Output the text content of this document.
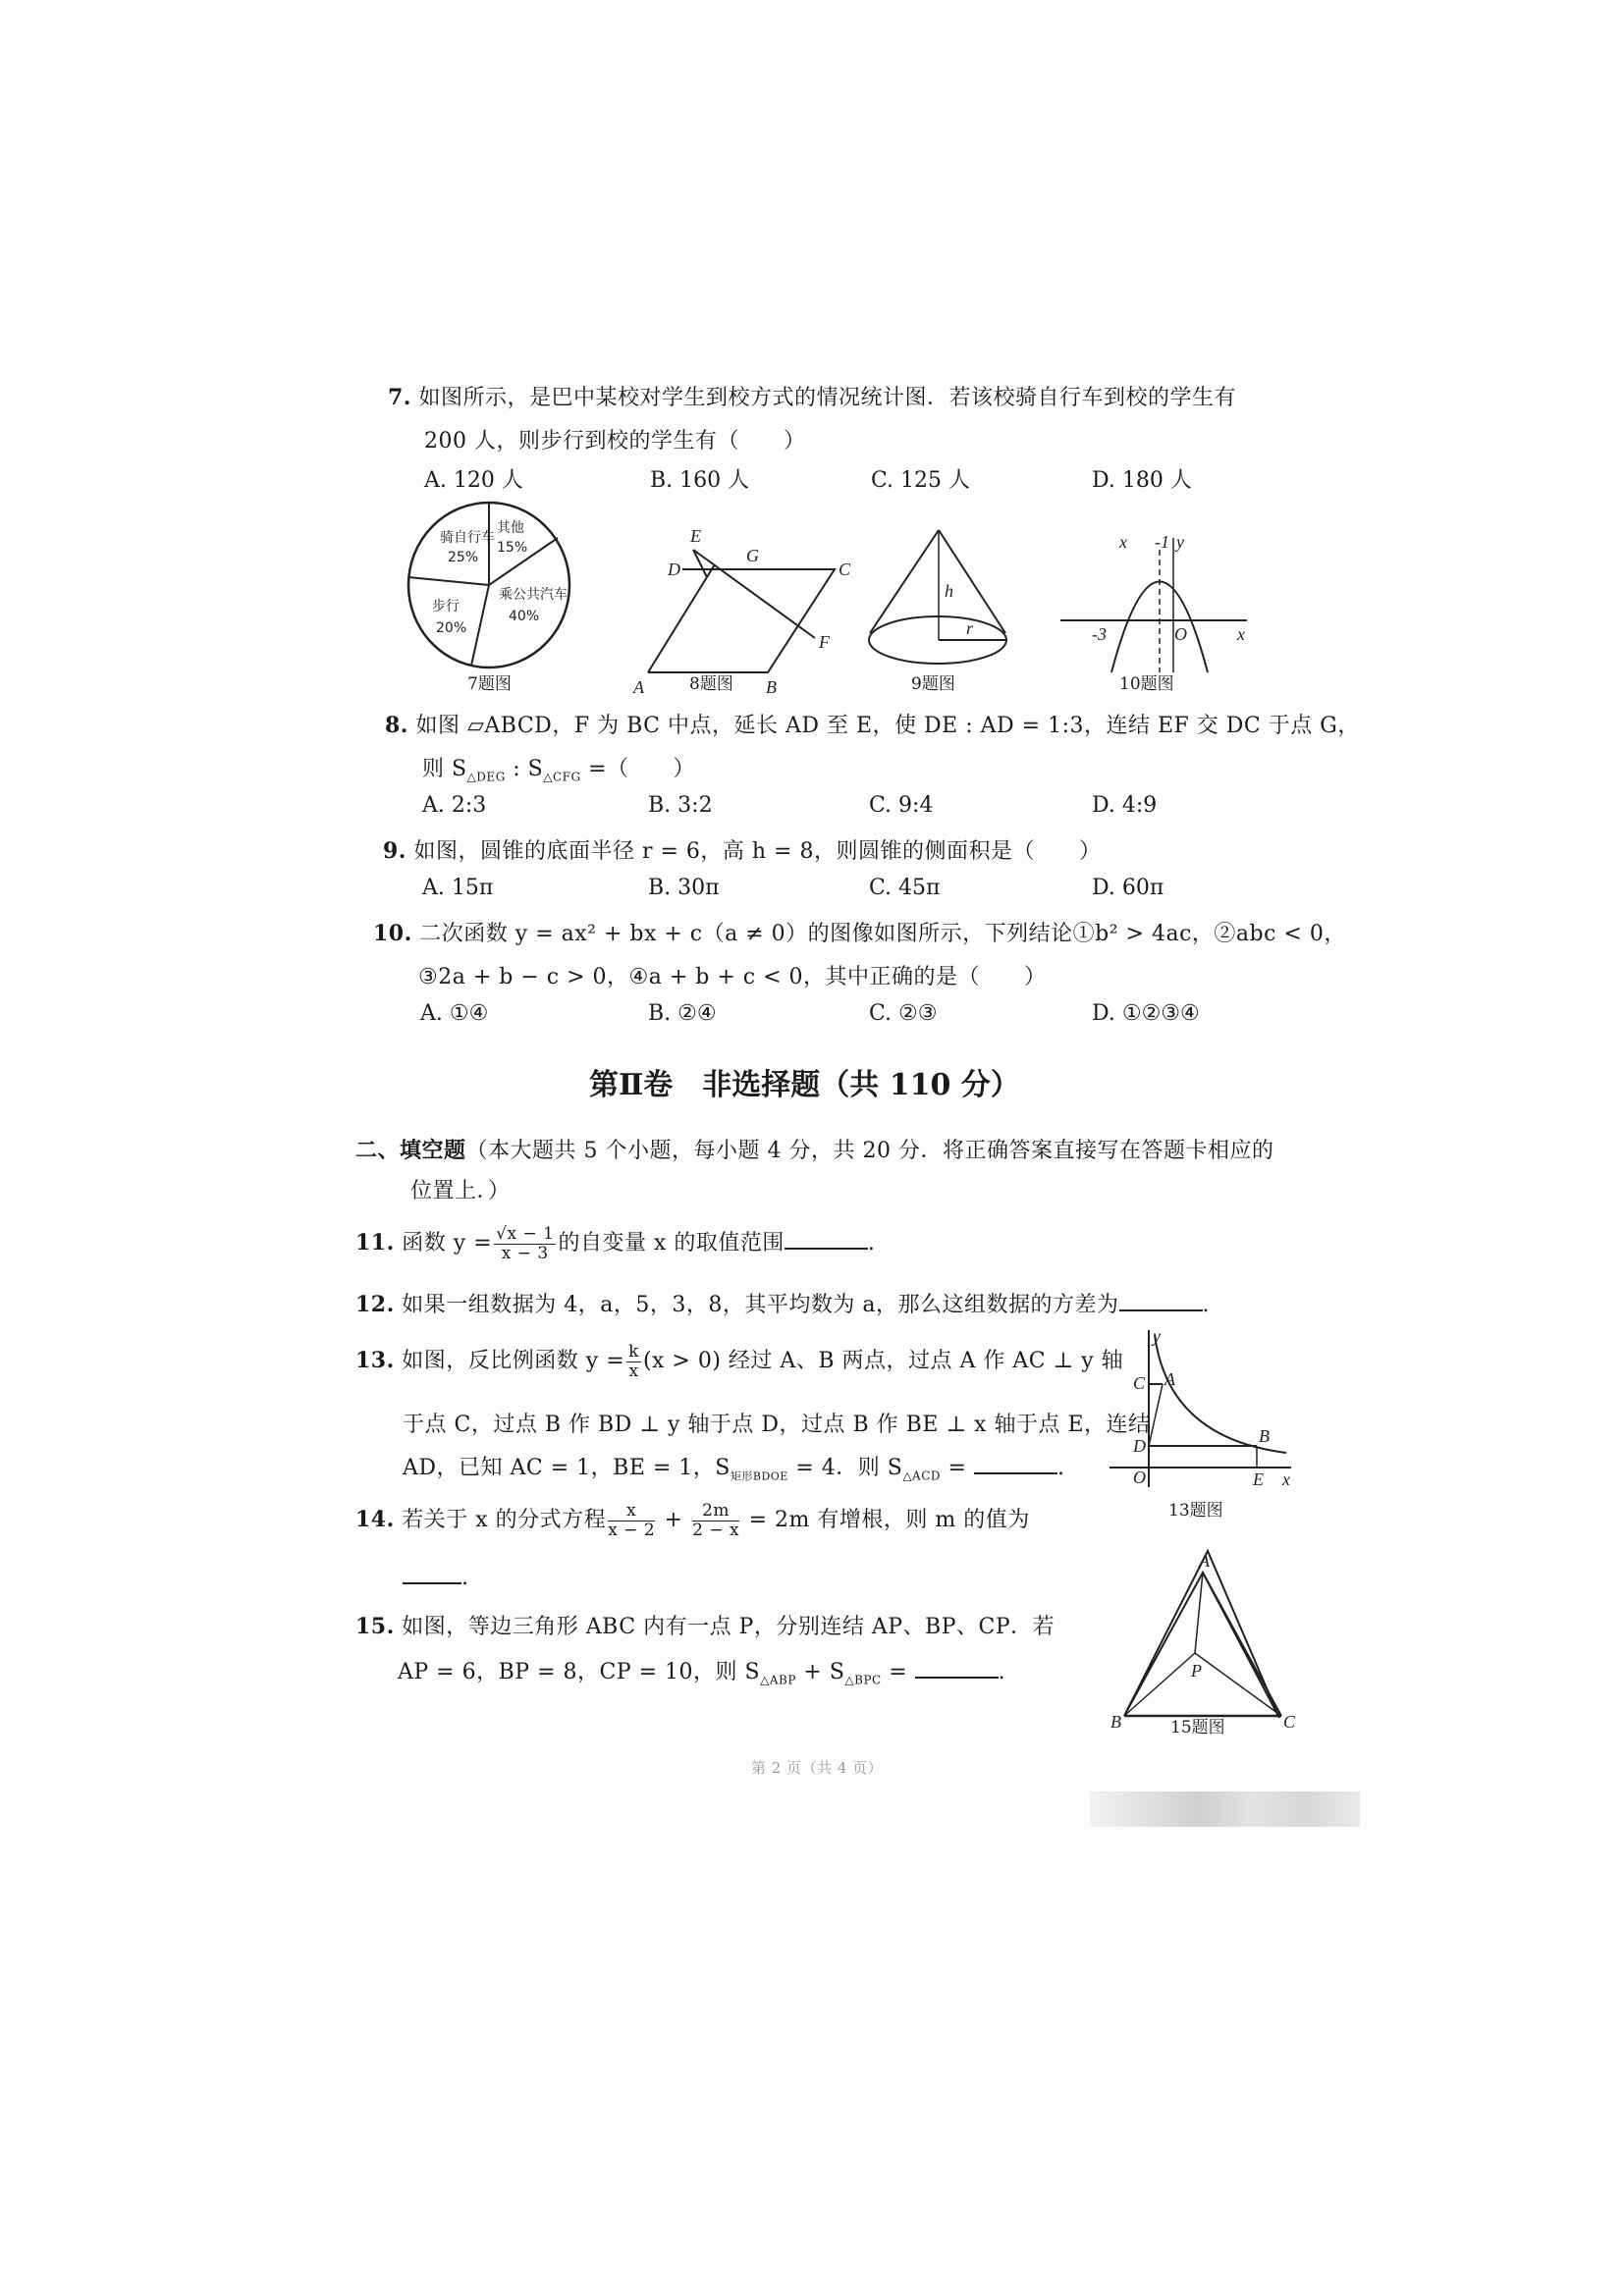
7. 如图所示，是巴中某校对学生到校方式的情况统计图．若该校骑自行车到校的学生有
200 人，则步行到校的学生有（　　）
A. 120 人	B. 160 人	C. 125 人	D. 180 人
骑自行车
25%
其他
15%
乘公共汽车
40%
步行
20%
7题图
E
D
G
C
F
A	B
8题图
h
r
9题图
x -1 y
-3	O	x
10题图
8. 如图 ▱ABCD，F 为 BC 中点，延长 AD 至 E，使 DE : AD = 1:3，连结 EF 交 DC 于点 G，
则 $S_{\triangle DEG}$ : $S_{\triangle CFG}$ =（　　）
A. 2:3	B. 3:2	C. 9:4	D. 4:9
9. 如图，圆锥的底面半径 r = 6，高 h = 8，则圆锥的侧面积是（　　）
A. 15π	B. 30π	C. 45π	D. 60π
10. 二次函数 y = ax² + bx + c（a ≠ 0）的图像如图所示，下列结论①b² > 4ac，②abc < 0，
③2a + b − c > 0，④a + b + c < 0，其中正确的是（　　）
A. ①④	B. ②④	C. ②③	D. ①②③④
第Ⅱ卷　非选择题（共 110 分）
二、填空题（本大题共 5 个小题，每小题 4 分，共 20 分．将正确答案直接写在答题卡相应的
位置上．）
11. 函数 $y = \frac{√x - 1}{x - 3}$ 的自变量 x 的取值范围	.
12. 如果一组数据为 4，a，5，3，8，其平均数为 a，那么这组数据的方差为	.
13. 如图，反比例函数 $y = \frac{k}{x} (x > 0)$ 经过 A、B 两点，过点 A 作 AC ⊥ y 轴
于点 C，过点 B 作 BD ⊥ y 轴于点 D，过点 B 作 BE ⊥ x 轴于点 E，连结
AD，已知 AC = 1，BE = 1，$S_{矩形BDOE} = 4$．则 $S_{\triangle ACD}$ =	.
y
C A
D	B
O	E x
13题图
14. 若关于 x 的分式方程 $\frac{x}{x - 2} + \frac{2m}{2 - x} = 2m$ 有增根，则 m 的值为
.
15. 如图，等边三角形 ABC 内有一点 P，分别连结 AP、BP、CP．若
AP = 6，BP = 8，CP = 10，则 $S_{\triangle ABP} + S_{\triangle BPC}$ =	.
A
P
B	C
15题图
第 2 页（共 4 页）
